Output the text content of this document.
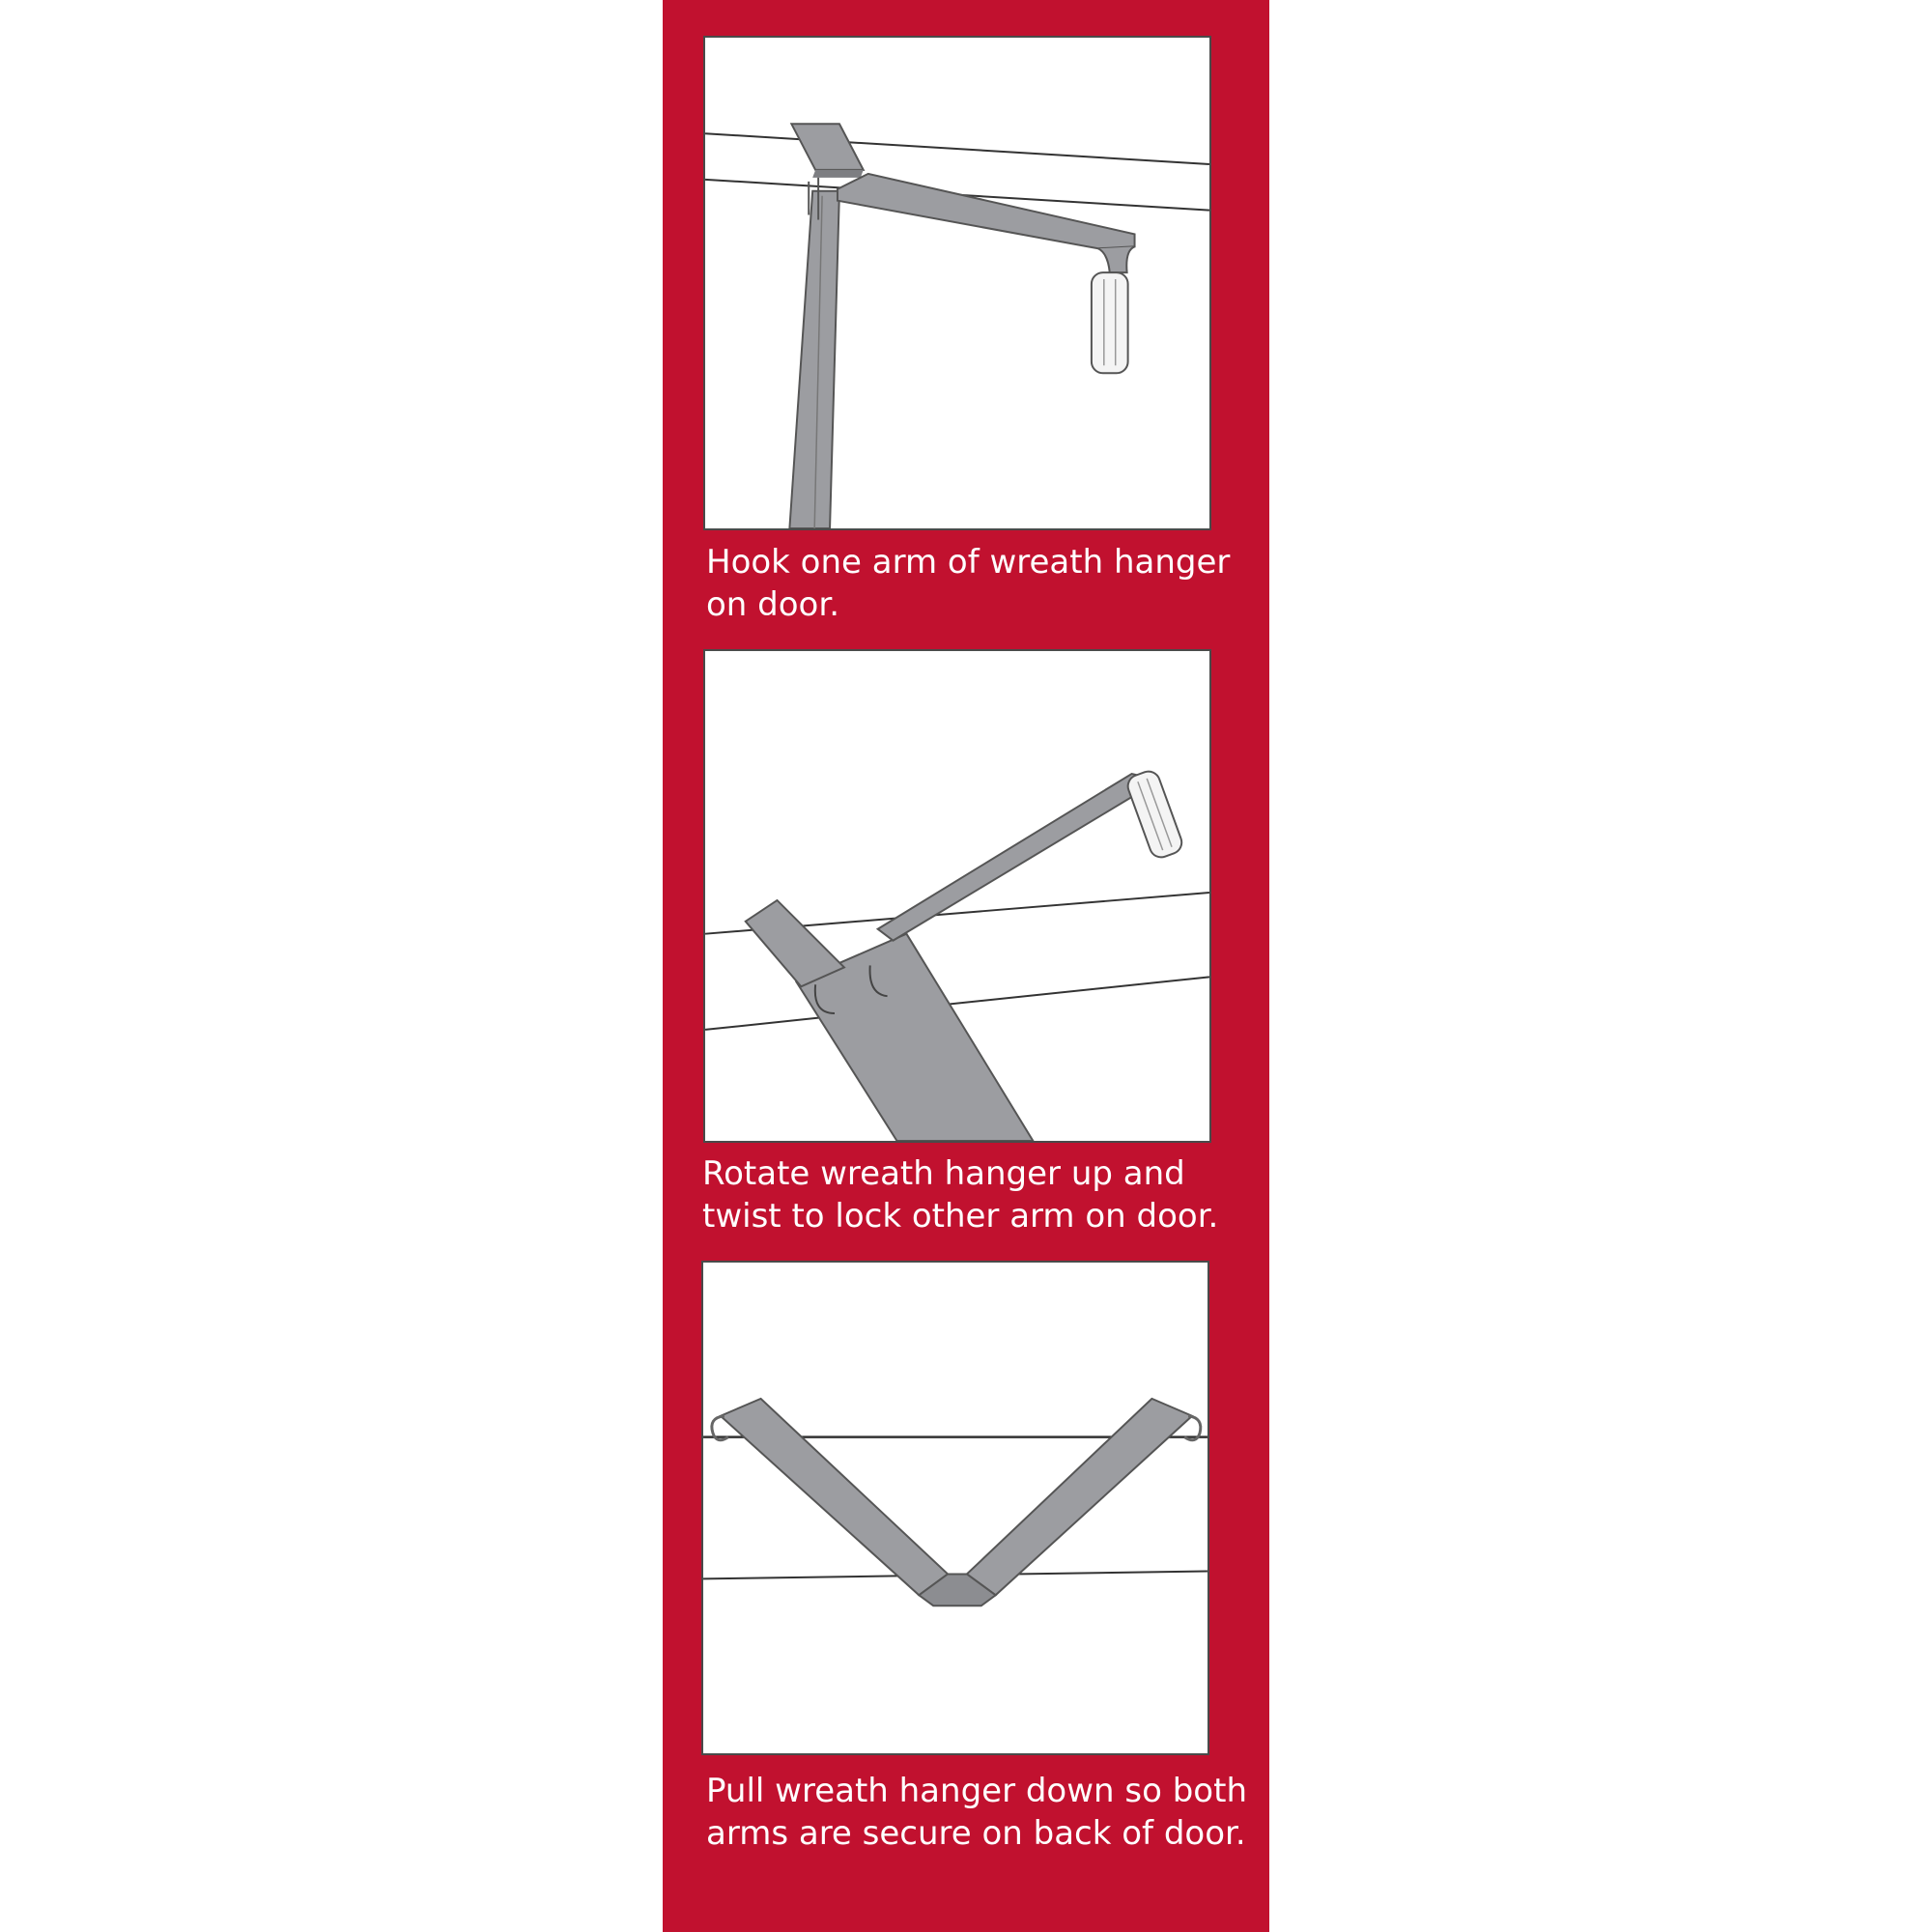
Hook one arm of wreath hanger
on door.

Rotate wreath hanger up and
twist to lock other arm on door.

Pull wreath hanger down so both
arms are secure on back of door.
